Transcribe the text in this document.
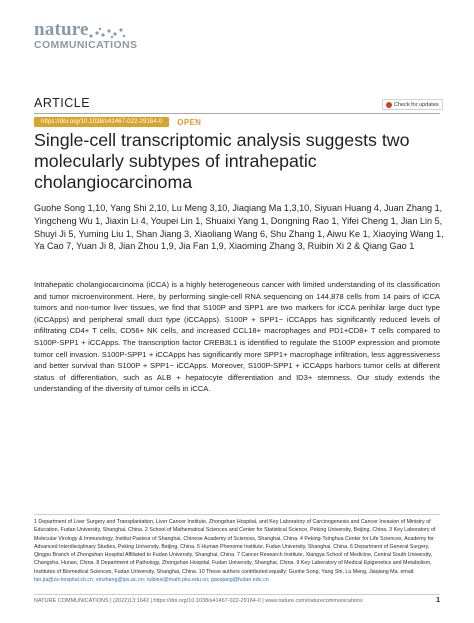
nature
COMMUNICATIONS
ARTICLE	Check for updates
https://doi.org/10.1038/s41467-022-29164-0	OPEN
Single-cell transcriptomic analysis suggests two molecularly subtypes of intrahepatic cholangiocarcinoma
Guohe Song 1,10, Yang Shi 2,10, Lu Meng 3,10, Jiaqiang Ma 1,3,10, Siyuan Huang 4, Juan Zhang 1, Yingcheng Wu 1, Jiaxin Li 4, Youpei Lin 1, Shuaixi Yang 1, Dongning Rao 1, Yifei Cheng 1, Jian Lin 5, Shuyi Ji 5, Yuming Liu 1, Shan Jiang 3, Xiaoliang Wang 6, Shu Zhang 1, Aiwu Ke 1, Xiaoying Wang 1, Ya Cao 7, Yuan Ji 8, Jian Zhou 1,9, Jia Fan 1,9, Xiaoming Zhang 3, Ruibin Xi 2 & Qiang Gao 1
Intrahepatic cholangiocarcinoma (iCCA) is a highly heterogeneous cancer with limited understanding of its classification and tumor microenvironment. Here, by performing single-cell RNA sequencing on 144,878 cells from 14 pairs of iCCA tumors and non-tumor liver tissues, we find that S100P and SPP1 are two markers for iCCA perihilar large duct type (iCCApps) and peripheral small duct type (iCCApps). S100P + SPP1− iCCApps has significantly reduced levels of infiltrating CD4+ T cells, CD56+ NK cells, and increased CCL18+ macrophages and PD1+CD8+ T cells compared to S100P-SPP1 + iCCApps. The transcription factor CREB3L1 is identified to regulate the S100P expression and promote tumor cell invasion. S100P-SPP1 + iCCApps has significantly more SPP1+ macrophage infiltration, less aggressiveness and better survival than S100P + SPP1− iCCApps. Moreover, S100P-SPP1 + iCCApps harbors tumor cells at different status of differentiation, such as ALB + hepatocyte differentiation and ID3+ stemness. Our study extends the understanding of the diversity of tumor cells in iCCA.
1 Department of Liver Surgery and Transplantation, Liver Cancer Institute, Zhongshan Hospital, and Key Laboratory of Carcinogenesis and Cancer Invasion of Ministry of Education, Fudan University, Shanghai, China. 2 School of Mathematical Sciences and Center for Statistical Science, Peking University, Beijing, China. 3 Key Laboratory of Molecular Virology & Immunology, Institut Pasteur of Shanghai, Chinese Academy of Sciences, Shanghai, China. 4 Peking-Tsinghua Center for Life Sciences, Academy for Advanced Interdisciplinary Studies, Peking University, Beijing, China. 5 Human Phenome Institute, Fudan University, Shanghai, China. 6 Department of General Surgery, Qingpu Branch of Zhongshan Hospital Affiliated to Fudan University, Shanghai, China. 7 Cancer Research Institute, Xiangya School of Medicine, Central South University, Changsha, Hunan, China. 8 Department of Pathology, Zhongshan Hospital, Fudan University, Shanghai, China. 9 Key Laboratory of Medical Epigenetics and Metabolism, Institutes of Biomedical Sciences, Fudan University, Shanghai, China. 10 These authors contributed equally: Guohe Song, Yang Shi, Lu Meng, Jiaqiang Ma. email: fan.jia@zs-hospital.sh.cn; xmzhang@ips.ac.cn; ruibinxi@math.pku.edu.cn; gaoqiang@fudan.edu.cn
NATURE COMMUNICATIONS | (2022)13:1642 | https://doi.org/10.1038/s41467-022-29164-0 | www.nature.com/naturecommunications	1
